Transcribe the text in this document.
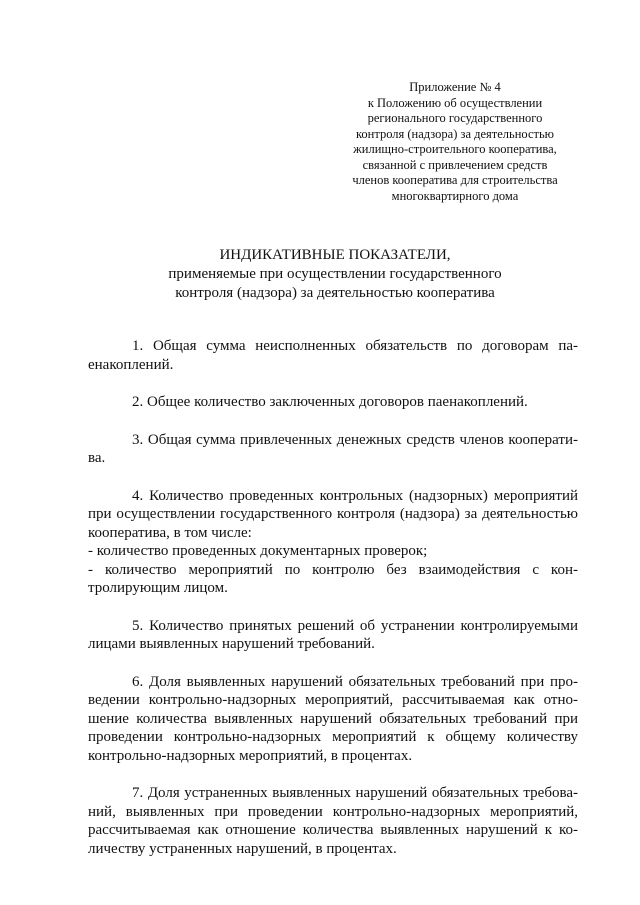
Приложение № 4
к Положению об осуществлении
регионального государственного
контроля (надзора) за деятельностью
жилищно-строительного кооператива,
связанной с привлечением средств
членов кооператива для строительства
многоквартирного дома
ИНДИКАТИВНЫЕ ПОКАЗАТЕЛИ,
применяемые при осуществлении государственного
контроля (надзора) за деятельностью кооператива

1. Общая сумма неисполненных обязательств по договорам па-
енакоплений.

2. Общее количество заключенных договоров паенакоплений.

3. Общая сумма привлеченных денежных средств членов кооперати-
ва.

4. Количество проведенных контрольных (надзорных) мероприятий
при осуществлении государственного контроля (надзора) за деятельностью
кооператива, в том числе:
- количество проведенных документарных проверок;
- количество мероприятий по контролю без взаимодействия с кон-
тролирующим лицом.

5. Количество принятых решений об устранении контролируемыми
лицами выявленных нарушений требований.

6. Доля выявленных нарушений обязательных требований при про-
ведении контрольно-надзорных мероприятий, рассчитываемая как отно-
шение количества выявленных нарушений обязательных требований при
проведении контрольно-надзорных мероприятий к общему количеству
контрольно-надзорных мероприятий, в процентах.

7. Доля устраненных выявленных нарушений обязательных требова-
ний, выявленных при проведении контрольно-надзорных мероприятий,
рассчитываемая как отношение количества выявленных нарушений к ко-
личеству устраненных нарушений, в процентах.
